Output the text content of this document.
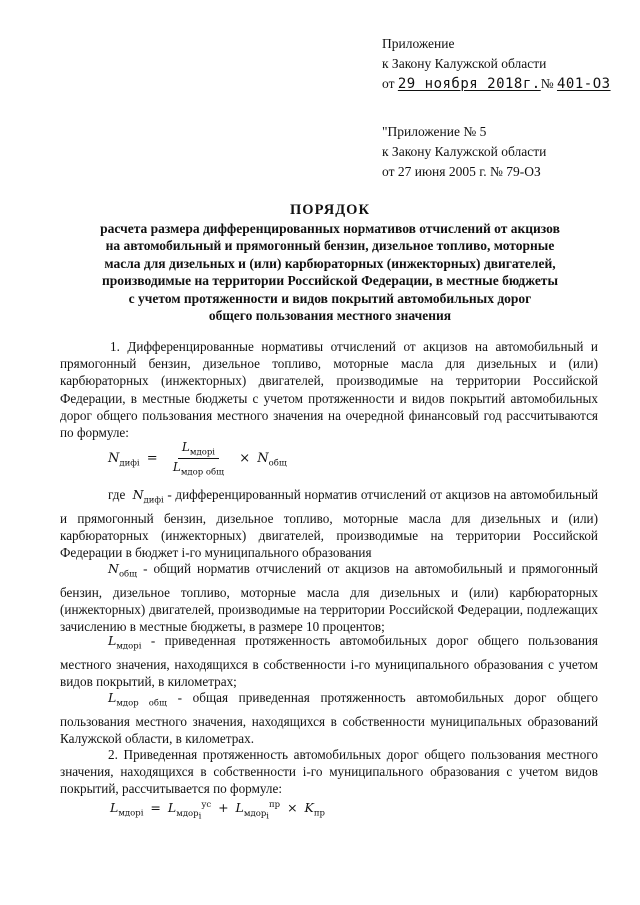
Приложение
к Закону Калужской области
от 29 ноября 2018г.№ 401-ОЗ
"Приложение № 5
к Закону Калужской области
от 27 июня 2005 г. № 79-ОЗ
ПОРЯДОК
расчета размера дифференцированных нормативов отчислений от акцизов
на автомобильный и прямогонный бензин, дизельное топливо, моторные
масла для дизельных и (или) карбюраторных (инжекторных) двигателей,
производимые на территории Российской Федерации, в местные бюджеты
с учетом протяженности и видов покрытий автомобильных дорог
общего пользования местного значения

1. Дифференцированные нормативы отчислений от акцизов на автомобильный и прямогонный бензин, дизельное топливо, моторные масла для дизельных и (или) карбюраторных (инжекторных) двигателей, производимые на территории Российской Федерации, в местные бюджеты с учетом протяженности и видов покрытий автомобильных дорог общего пользования местного значения на очередной финансовый год рассчитываются по формуле:

$N_{дифi} = \frac{L_{мдорi}}{L_{мдор общ}} \times N_{общ}$

где $N_{дифi}$ - дифференцированный норматив отчислений от акцизов на автомобильный и прямогонный бензин, дизельное топливо, моторные масла для дизельных и (или) карбюраторных (инжекторных) двигателей, производимые на территории Российской Федерации в бюджет i-го муниципального образования

$N_{общ}$ - общий норматив отчислений от акцизов на автомобильный и прямогонный бензин, дизельное топливо, моторные масла для дизельных и (или) карбюраторных (инжекторных) двигателей, производимые на территории Российской Федерации, подлежащих зачислению в местные бюджеты, в размере 10 процентов;

$L_{мдорi}$ - приведенная протяженность автомобильных дорог общего пользования местного значения, находящихся в собственности i-го муниципального образования с учетом видов покрытий, в километрах;

$L_{мдор общ}$ - общая приведенная протяженность автомобильных дорог общего пользования местного значения, находящихся в собственности муниципальных образований Калужской области, в километрах.

2. Приведенная протяженность автомобильных дорог общего пользования местного значения, находящихся в собственности i-го муниципального образования с учетом видов покрытий, рассчитывается по формуле:

$L_{мдорi} = L_{мдор_i}^{ус} + L_{мдор_i}^{пр} \times K_{пр}$
